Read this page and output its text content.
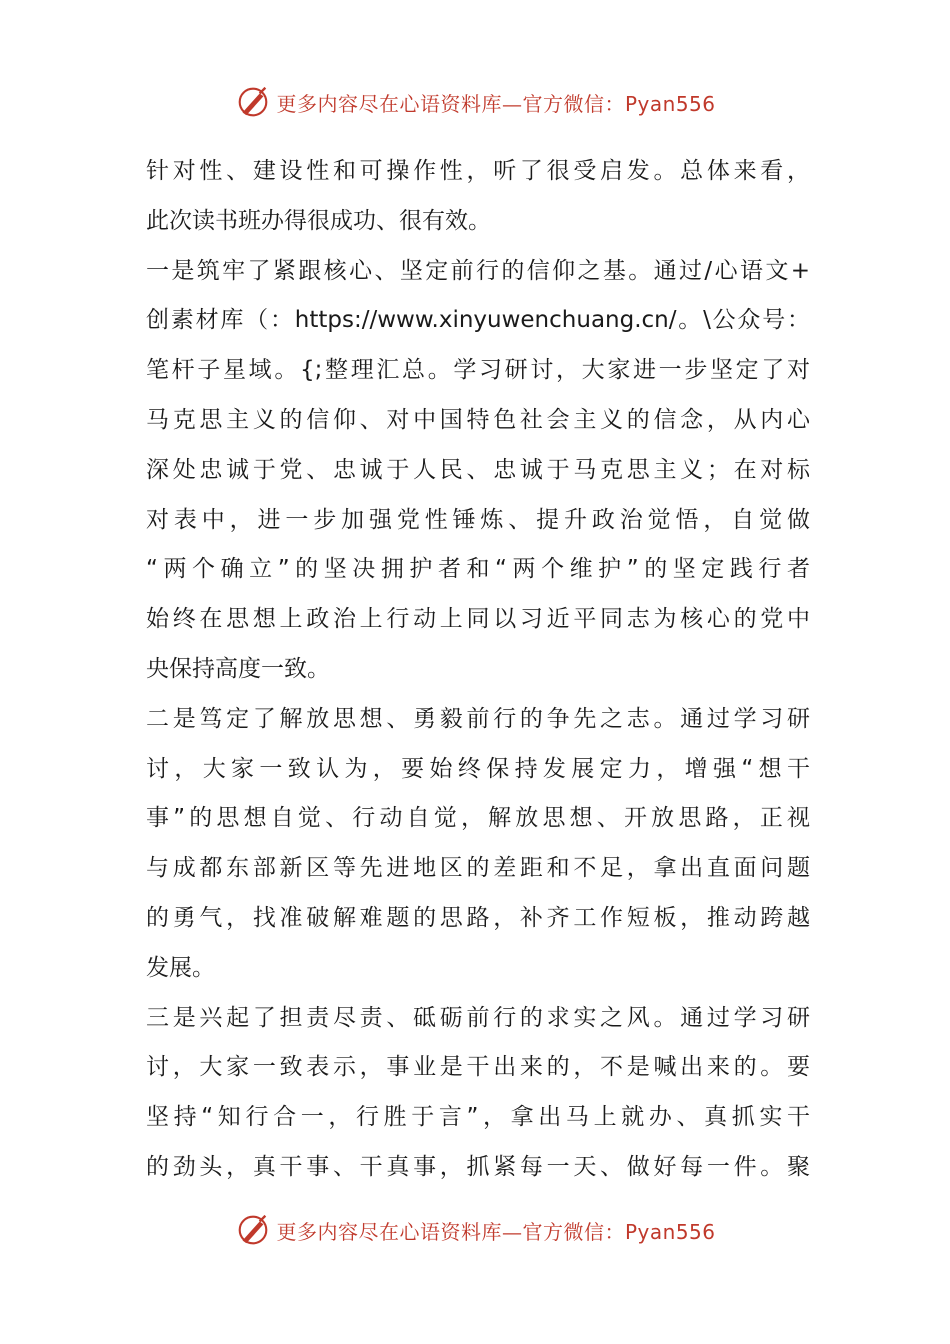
更多内容尽在心语资料库—官方微信：Pyan556
针对性、建设性和可操作性，听了很受启发。总体来看，
此次读书班办得很成功、很有效。
一是筑牢了紧跟核心、坚定前行的信仰之基。通过/心语文+
创素材库（：https://www.xinyuwenchuang.cn/。\公众号：
笔杆子星域。{;整理汇总。学习研讨，大家进一步坚定了对
马克思主义的信仰、对中国特色社会主义的信念，从内心
深处忠诚于党、忠诚于人民、忠诚于马克思主义；在对标
对表中，进一步加强党性锤炼、提升政治觉悟，自觉做
“两个确立”的坚决拥护者和“两个维护”的坚定践行者
始终在思想上政治上行动上同以习近平同志为核心的党中
央保持高度一致。
二是笃定了解放思想、勇毅前行的争先之志。通过学习研
讨，大家一致认为，要始终保持发展定力，增强“想干
事”的思想自觉、行动自觉，解放思想、开放思路，正视
与成都东部新区等先进地区的差距和不足，拿出直面问题
的勇气，找准破解难题的思路，补齐工作短板，推动跨越
发展。
三是兴起了担责尽责、砥砺前行的求实之风。通过学习研
讨，大家一致表示，事业是干出来的，不是喊出来的。要
坚持“知行合一，行胜于言”，拿出马上就办、真抓实干
的劲头，真干事、干真事，抓紧每一天、做好每一件。聚
更多内容尽在心语资料库—官方微信：Pyan556
